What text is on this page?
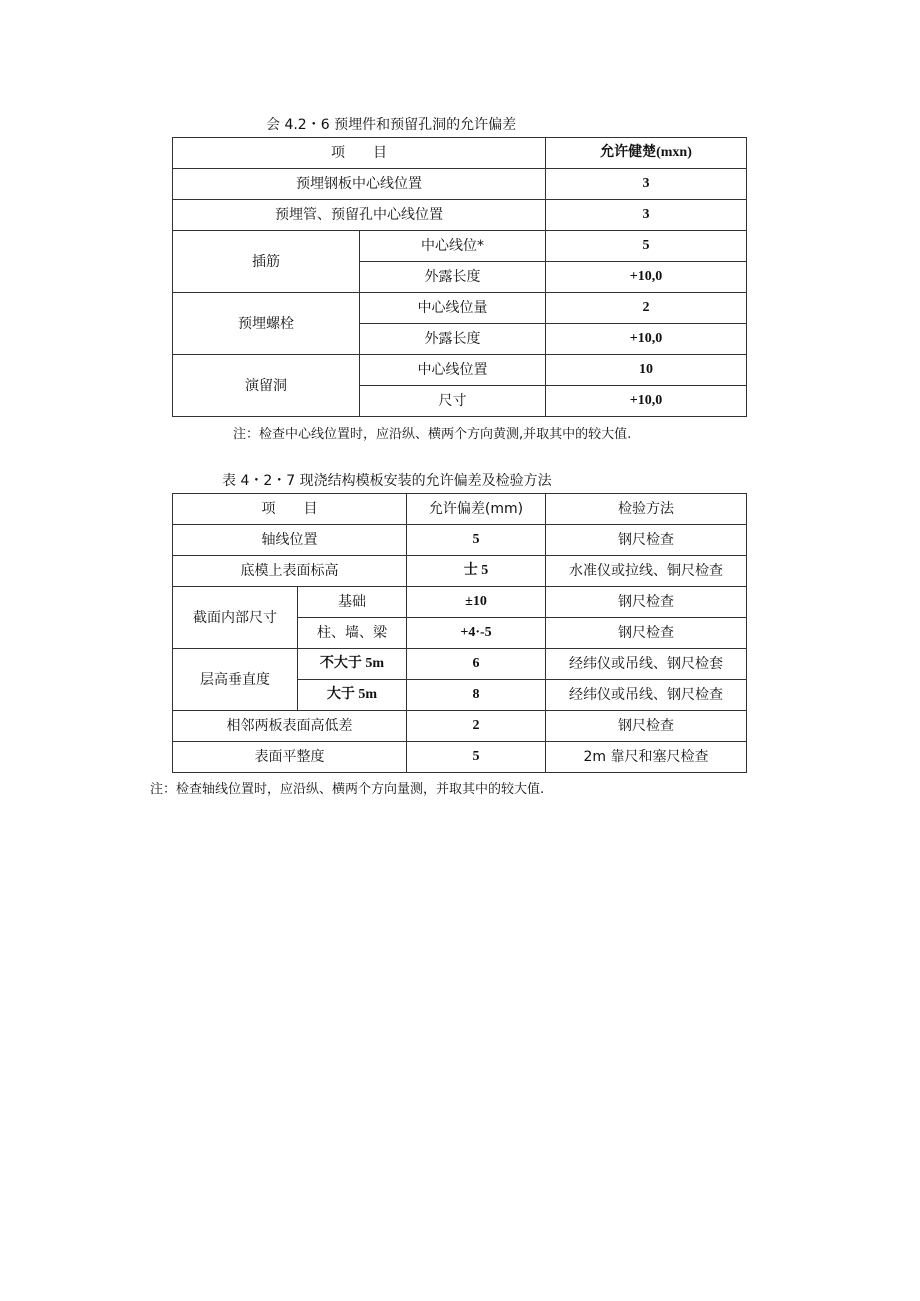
会 4.2・6 预埋件和预留孔洞的允许偏差
项　　目		允许健楚(mxn)
预埋钢板中心线位置		3
预埋管、预留孔中心线位置		3
插筋	中心线位*	5
	外露长度	+10,0
预埋螺栓	中心线位量	2
	外露长度	+10,0
演留洞	中心线位置	10
	尺寸	+10,0
注：检查中心线位置时，应沿纵、横两个方向黄测,并取其中的较大值.
表 4・2・7 现浇结构模板安装的允许偏差及检验方法
项　　目		允许偏差(mm)	检验方法
轴线位置		5	钢尺检查
底模上表面标高		士 5	水准仪或拉线、铜尺检查
截面内部尺寸	基础	±10	钢尺检查
	柱、墙、梁	+4·-5	钢尺检查
层高垂直度	不大于 5m	6	经纬仪或吊线、钢尺检套
	大于 5m	8	经纬仪或吊线、钢尺检查
相邻两板表面高低差		2	钢尺检查
表面平整度		5	2m 靠尺和塞尺检查
注：检查轴线位置时，应沿纵、横两个方向量测，并取其中的较大值.
